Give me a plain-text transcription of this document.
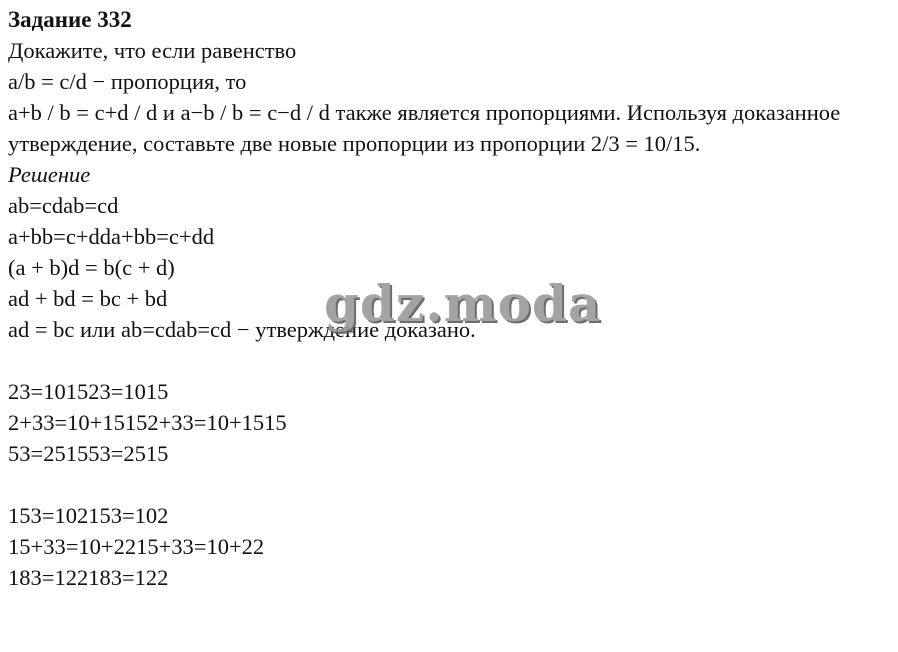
Задание 332
Докажите, что если равенство
a/b = c/d − пропорция, то
a+b / b = c+d / d и a−b / b = c−d / d также является пропорциями. Используя доказанное утверждение, составьте две новые пропорции из пропорции 2/3 = 10/15.
Решение
ab=cdab=cd
a+bb=c+dda+bb=c+dd
(a + b)d = b(c + d)
ad + bd = bc + bd
ad = bc или ab=cdab=cd − утверждение доказано.
23=101523=1015
2+33=10+15152+33=10+1515
53=251553=2515
153=102153=102
15+33=10+2215+33=10+22
183=122183=122
gdz.moda
